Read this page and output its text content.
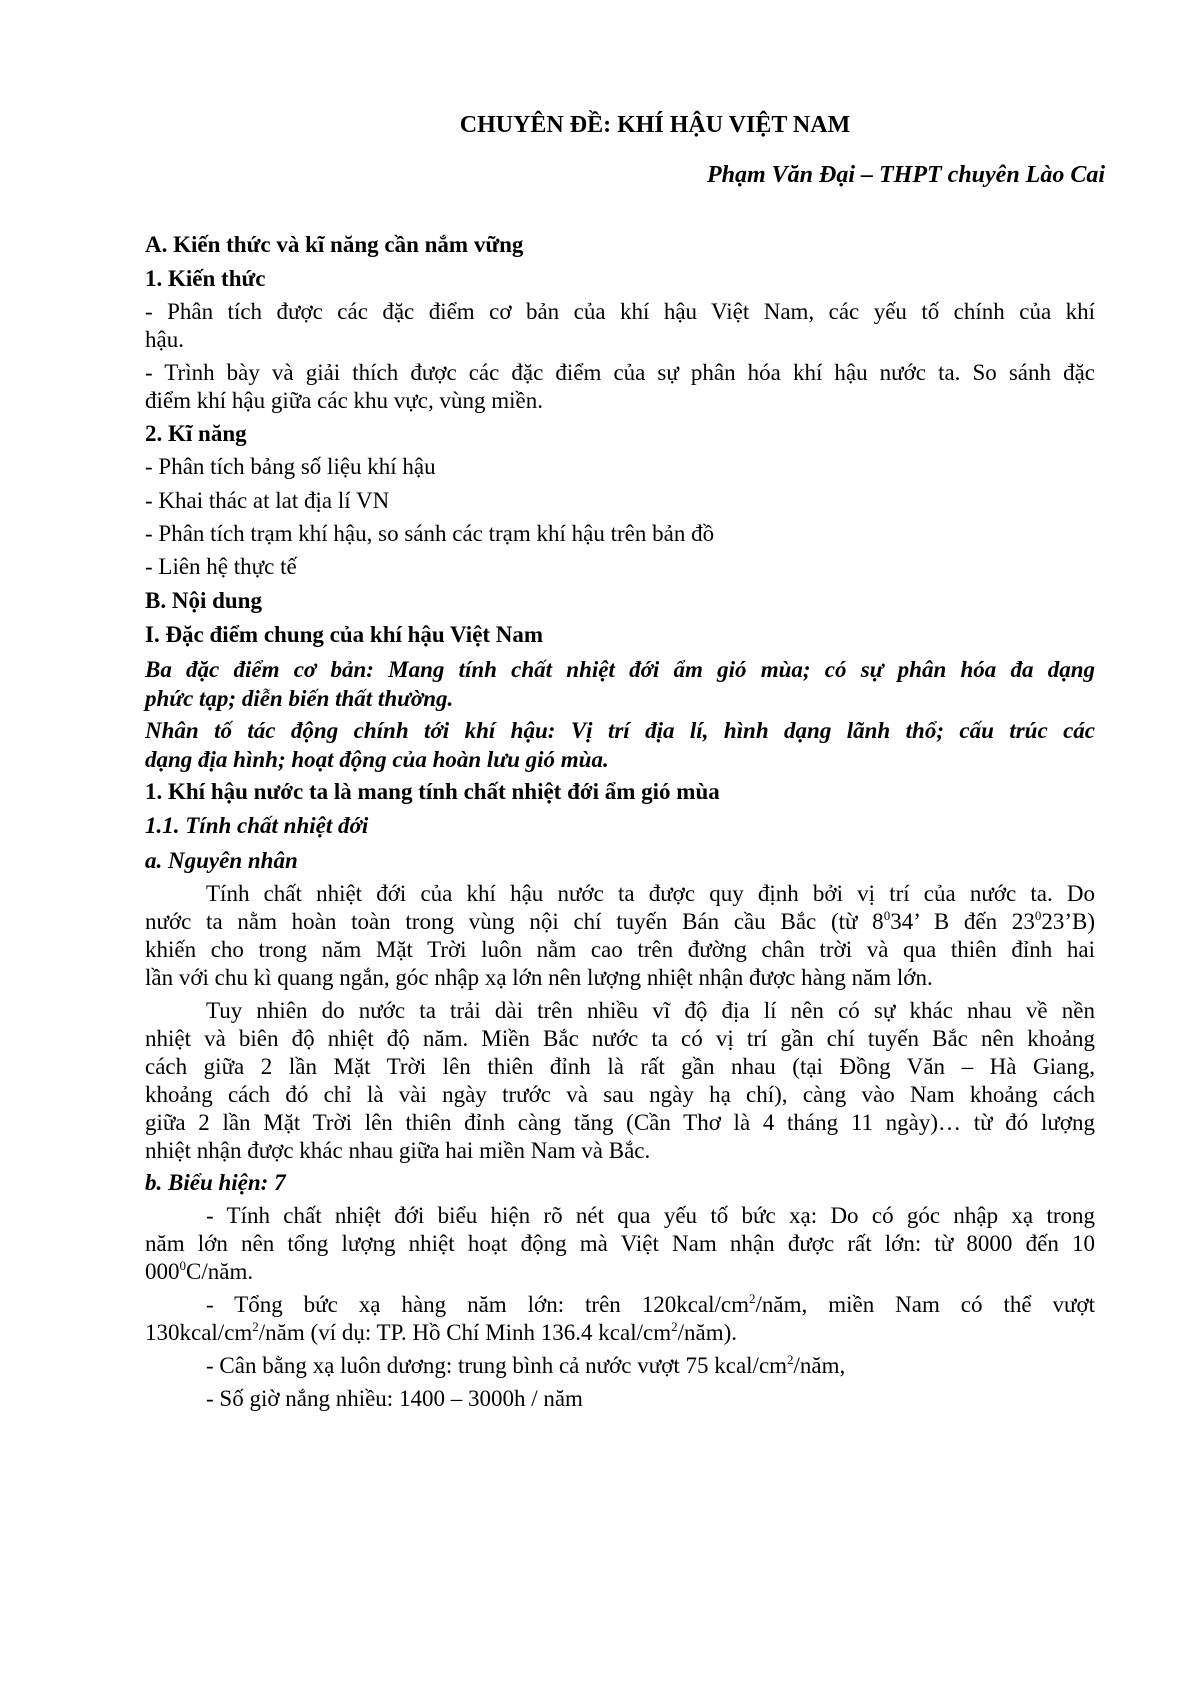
CHUYÊN ĐỀ: KHÍ HẬU VIỆT NAM
Phạm Văn Đại – THPT chuyên Lào Cai
A. Kiến thức và kĩ năng cần nắm vững
1. Kiến thức
- Phân tích được các đặc điểm cơ bản của khí hậu Việt Nam, các yếu tố chính của khí
hậu.
- Trình bày và giải thích được các đặc điểm của sự phân hóa khí hậu nước ta. So sánh đặc
điểm khí hậu giữa các khu vực, vùng miền.
2. Kĩ năng
- Phân tích bảng số liệu khí hậu
- Khai thác at lat địa lí VN
- Phân tích trạm khí hậu, so sánh các trạm khí hậu trên bản đồ
- Liên hệ thực tế
B. Nội dung
I. Đặc điểm chung của khí hậu Việt Nam
Ba đặc điểm cơ bản: Mang tính chất nhiệt đới ẩm gió mùa; có sự phân hóa đa dạng
phức tạp; diễn biến thất thường.
Nhân tố tác động chính tới khí hậu: Vị trí địa lí, hình dạng lãnh thổ; cấu trúc các
dạng địa hình; hoạt động của hoàn lưu gió mùa.
1. Khí hậu nước ta là mang tính chất nhiệt đới ẩm gió mùa
1.1. Tính chất nhiệt đới
a. Nguyên nhân
Tính chất nhiệt đới của khí hậu nước ta được quy định bởi vị trí của nước ta. Do
nước ta nằm hoàn toàn trong vùng nội chí tuyến Bán cầu Bắc (từ $8^034$’ B đến $23^023’B$)
khiến cho trong năm Mặt Trời luôn nằm cao trên đường chân trời và qua thiên đỉnh hai
lần với chu kì quang ngắn, góc nhập xạ lớn nên lượng nhiệt nhận được hàng năm lớn.
Tuy nhiên do nước ta trải dài trên nhiều vĩ độ địa lí nên có sự khác nhau về nền
nhiệt và biên độ nhiệt độ năm. Miền Bắc nước ta có vị trí gần chí tuyến Bắc nên khoảng
cách giữa 2 lần Mặt Trời lên thiên đỉnh là rất gần nhau (tại Đồng Văn – Hà Giang,
khoảng cách đó chỉ là vài ngày trước và sau ngày hạ chí), càng vào Nam khoảng cách
giữa 2 lần Mặt Trời lên thiên đỉnh càng tăng (Cần Thơ là 4 tháng 11 ngày)… từ đó lượng
nhiệt nhận được khác nhau giữa hai miền Nam và Bắc.
b. Biểu hiện: 7
- Tính chất nhiệt đới biểu hiện rõ nét qua yếu tố bức xạ: Do có góc nhập xạ trong
năm lớn nên tổng lượng nhiệt hoạt động mà Việt Nam nhận được rất lớn: từ 8000 đến 10
$000^0C$/năm.
- Tổng bức xạ hàng năm lớn: trên $120kcal/cm^2$/năm, miền Nam có thể vượt
$130kcal/cm^2$/năm (ví dụ: TP. Hồ Chí Minh 136.4 kcal/$cm^2/năm$).
- Cân bằng xạ luôn dương: trung bình cả nước vượt 75 kcal/$cm^2$/năm,
- Số giờ nắng nhiều: 1400 – 3000h / năm
